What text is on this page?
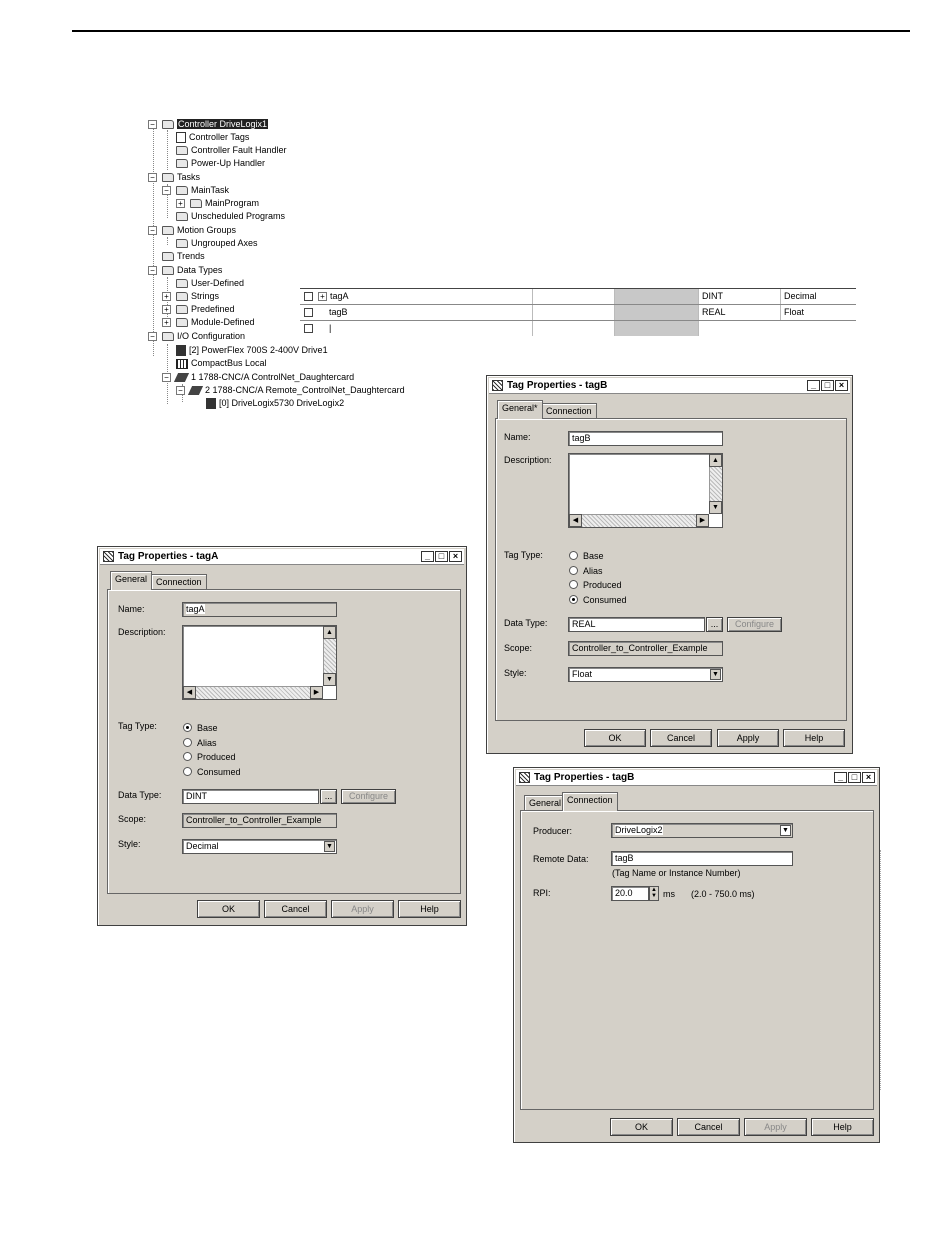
−	Controller DriveLogix1
Controller Tags
Controller Fault Handler
Power-Up Handler
− Tasks
− MainTask
+ MainProgram
Unscheduled Programs
− Motion Groups
Ungrouped Axes
Trends
− Data Types
User-Defined
+ Strings
+ Predefined
+ Module-Defined
− I/O Configuration
[2] PowerFlex 700S 2-400V Drive1
CompactBus Local
− 1 1788-CNC/A ControlNet_Daughtercard
− 2 1788-CNC/A Remote_ControlNet_Daughtercard
[0] DriveLogix5730 DriveLogix2
+ tagA	DINT	Decimal
tagB	REAL	Float
|
Tag Properties - tagB	_ □ ×
General* Connection
Name:	tagB
Description:	▲
▼
◀	▶
Tag Type:	Base
Alias
Produced
Consumed
Data Type:	REAL	...	Configure
Scope:	Controller_to_Controller_Example
Style:	Float	▼
OK	Cancel	Apply	Help
Tag Properties - tagA	_ □ ×
General Connection
Name:	tagA
Description:	▲
▼
◀	▶
Tag Type:	Base
Alias
Produced
Consumed
Data Type:	DINT	...	Configure
Scope:	Controller_to_Controller_Example
Style:	Decimal	▼
OK	Cancel	Apply	Help
Tag Properties - tagB	_ □ ×
General Connection
Producer:	DriveLogix2	▼
Remote Data:	tagB
(Tag Name or Instance Number)
RPI:	20.0	▲
▼ ms (2.0 - 750.0 ms)
OK	Cancel	Apply	Help
